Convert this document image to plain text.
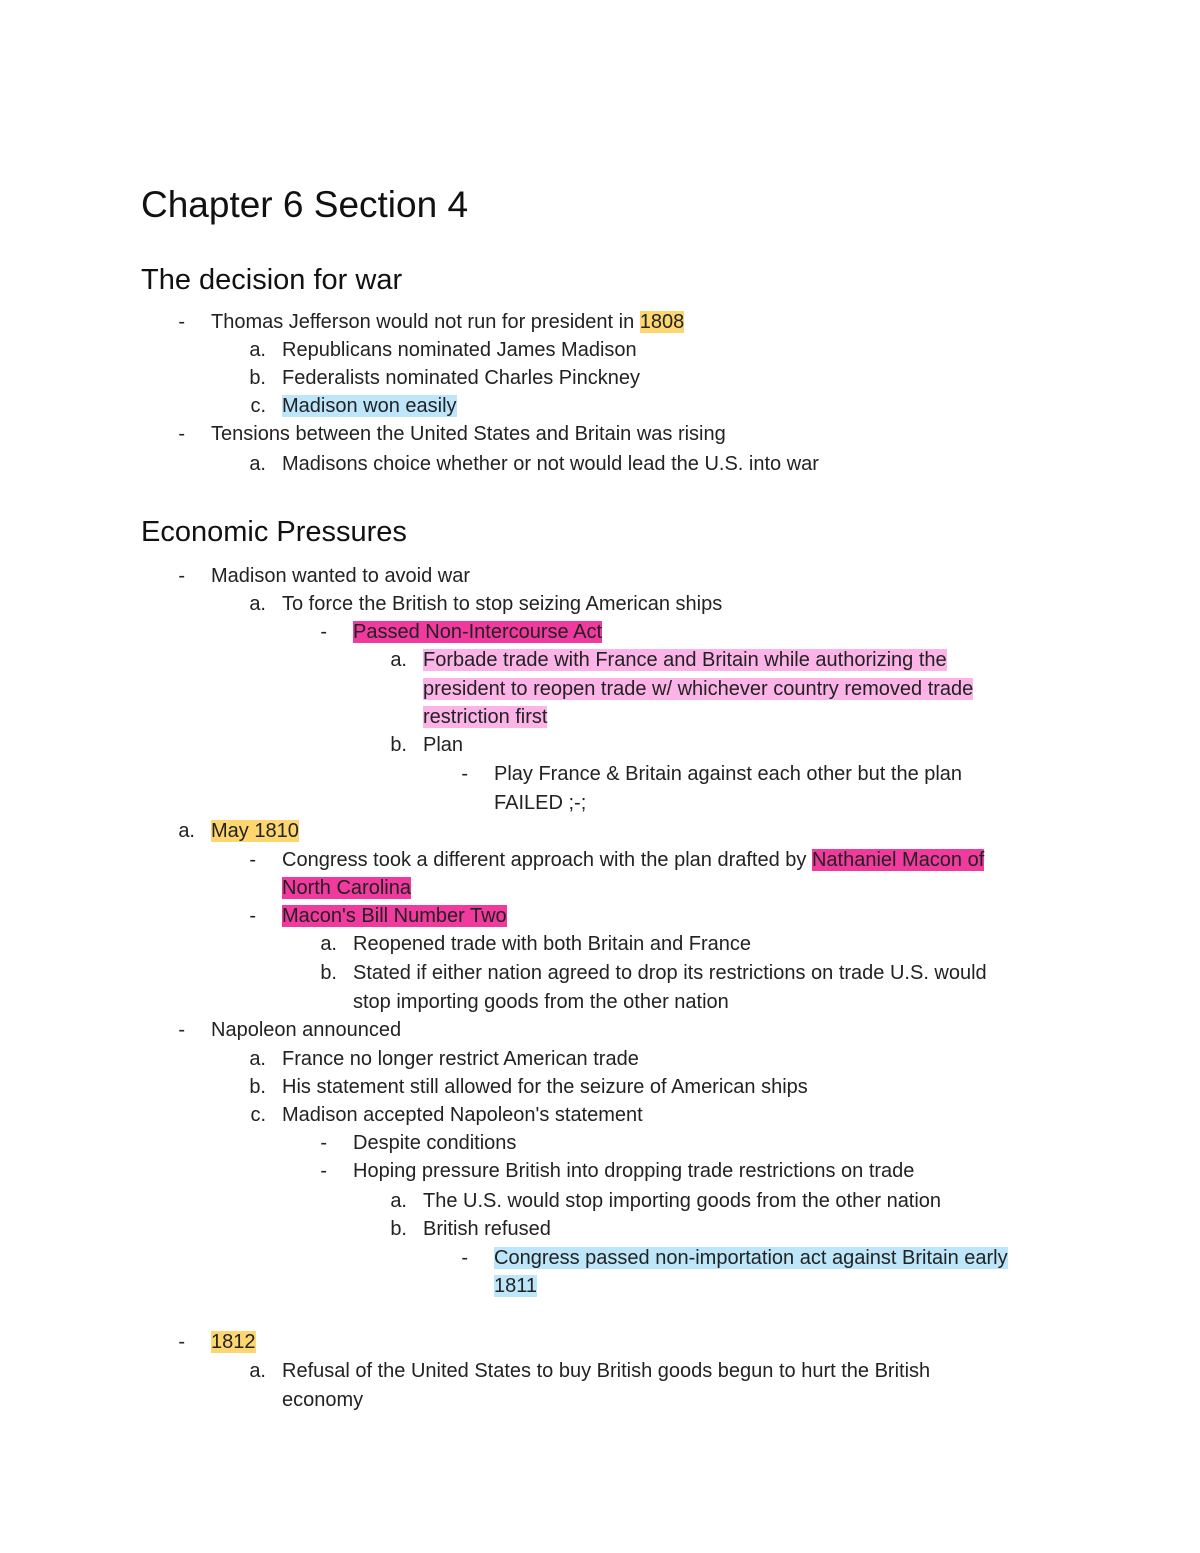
Chapter 6 Section 4
The decision for war
- Thomas Jefferson would not run for president in 1808

a. Republicans nominated James Madison

b. Federalists nominated Charles Pinckney

c. Madison won easily

- Tensions between the United States and Britain was rising

a. Madisons choice whether or not would lead the U.S. into war

Economic Pressures
- Madison wanted to avoid war

a. To force the British to stop seizing American ships

- Passed Non-Intercourse Act

a. Forbade trade with France and Britain while authorizing the

president to reopen trade w/ whichever country removed trade

restriction first

b. Plan

- Play France & Britain against each other but the plan

FAILED ;-;

a. May 1810

- Congress took a different approach with the plan drafted by Nathaniel Macon of

North Carolina

- Macon's Bill Number Two

a. Reopened trade with both Britain and France

b. Stated if either nation agreed to drop its restrictions on trade U.S. would

stop importing goods from the other nation

- Napoleon announced

a. France no longer restrict American trade

b. His statement still allowed for the seizure of American ships

c. Madison accepted Napoleon's statement

- Despite conditions

- Hoping pressure British into dropping trade restrictions on trade

a. The U.S. would stop importing goods from the other nation

b. British refused

- Congress passed non-importation act against Britain early

1811

- 1812

a. Refusal of the United States to buy British goods begun to hurt the British

economy
